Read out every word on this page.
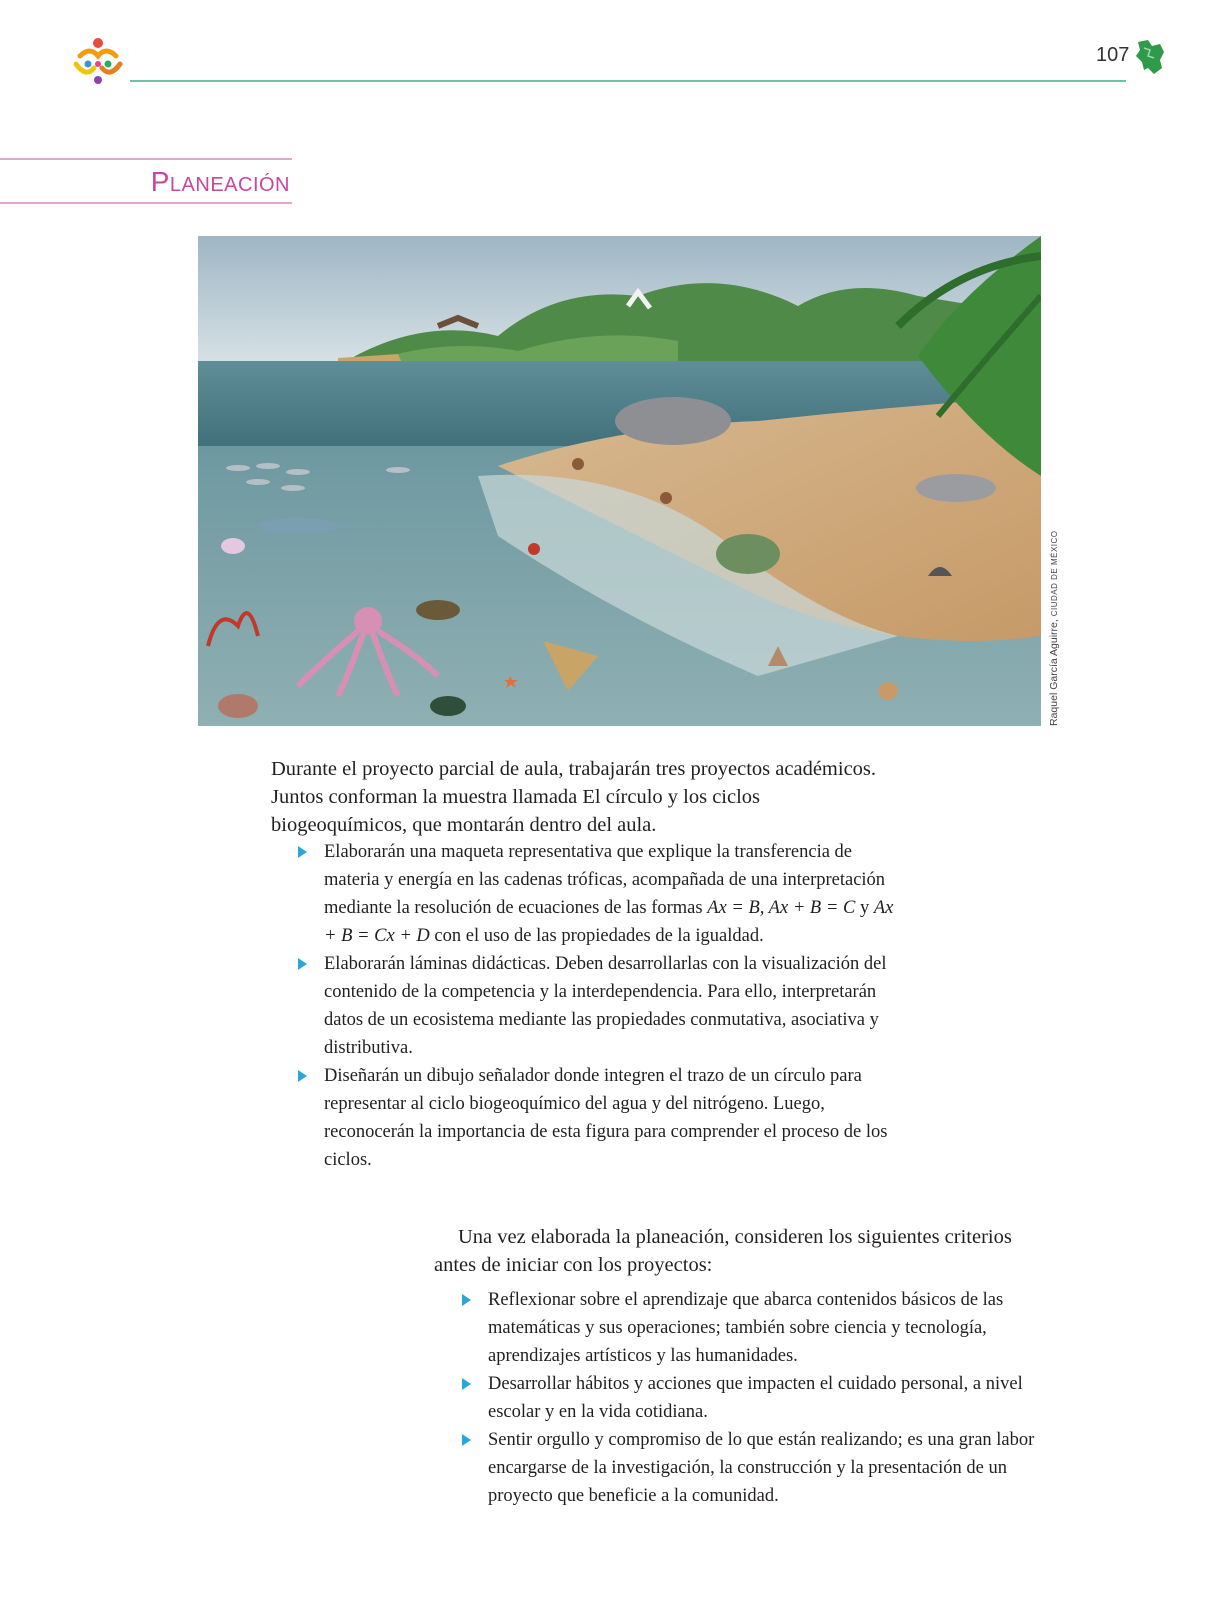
107
Planeación
Raquel García Aguirre, CIUDAD DE MÉXICO

Durante el proyecto parcial de aula, trabajarán tres proyectos académicos. Juntos conforman la muestra llamada El círculo y los ciclos biogeoquímicos, que montarán dentro del aula.

Elaborarán una maqueta representativa que explique la transferencia de materia y energía en las cadenas tróficas, acompañada de una interpretación mediante la resolución de ecuaciones de las formas Ax = B, Ax + B = C y Ax + B = Cx + D con el uso de las propiedades de la igualdad.
Elaborarán láminas didácticas. Deben desarrollarlas con la visualización del contenido de la competencia y la interdependencia. Para ello, interpretarán datos de un ecosistema mediante las propiedades conmutativa, asociativa y distributiva.
Diseñarán un dibujo señalador donde integren el trazo de un círculo para representar al ciclo biogeoquímico del agua y del nitrógeno. Luego, reconocerán la importancia de esta figura para comprender el proceso de los ciclos.

Una vez elaborada la planeación, consideren los siguientes criterios antes de iniciar con los proyectos:

Reflexionar sobre el aprendizaje que abarca contenidos básicos de las matemáticas y sus operaciones; también sobre ciencia y tecnología, aprendizajes artísticos y las humanidades.
Desarrollar hábitos y acciones que impacten el cuidado personal, a nivel escolar y en la vida cotidiana.
Sentir orgullo y compromiso de lo que están realizando; es una gran labor encargarse de la investigación, la construcción y la presentación de un proyecto que beneficie a la comunidad.
